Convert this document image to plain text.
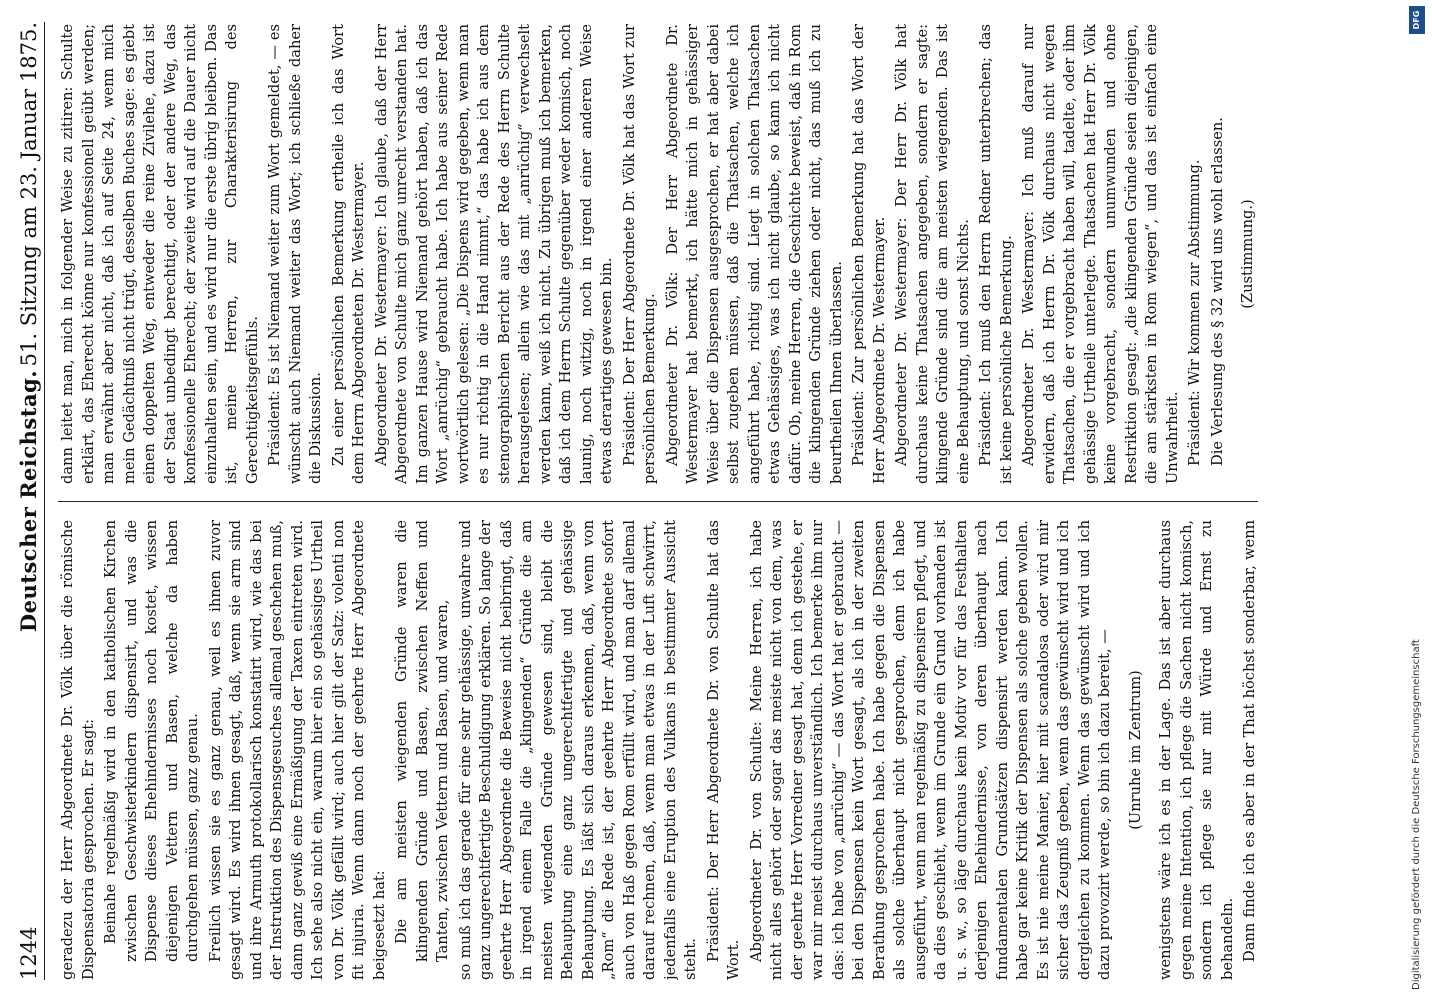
1244
Deutscher Reichstag.
51. Sitzung am 23. Januar 1875.

geradezu der Herr Abgeordnete Dr. Völk über die römische Dispensatoria gesprochen. Er sagt: Beinahe regelmäßig wird in den katholischen Kirchen zwischen Geschwisterkindern dispensirt, und was die Dispense dieses Ehehindernisses noch kostet, wissen diejenigen Vettern und Basen, welche da haben durchgehen müssen, ganz genau. Freilich wissen sie es ganz genau, weil es ihnen zuvor gesagt wird. Es wird ihnen gesagt, daß, wenn sie arm sind und ihre Armuth protokollarisch konstatirt wird, wie das bei der Instruktion des Dispensgesuches allemal geschehen muß, dann ganz gewiß eine Ermäßigung der Taxen eintreten wird. Ich sehe also nicht ein, warum hier ein so gehässiges Urtheil von Dr. Völk gefällt wird; auch hier gilt der Satz: volenti non fit injuria. Wenn dann noch der geehrte Herr Abgeordnete beigesetzt hat: Die am meisten wiegenden Gründe waren die klingenden Gründe und Basen, zwischen Neffen und Tanten, zwischen Vettern und Basen, und waren, so muß ich das gerade für eine sehr gehässige, unwahre und ganz ungerechtfertigte Beschuldigung erklären. So lange der geehrte Herr Abgeordnete die Beweise nicht beibringt, daß in irgend einem Falle die „klingenden“ Gründe die am meisten wiegenden Gründe gewesen sind, bleibt die Behauptung eine ganz ungerechtfertigte und gehässige Behauptung. Es läßt sich daraus erkennen, daß, wenn von „Rom“ die Rede ist, der geehrte Herr Abgeordnete sofort auch von Haß gegen Rom erfüllt wird, und man darf allemal darauf rechnen, daß, wenn man etwas in der Luft schwirrt, jedenfalls eine Eruption des Vulkans in bestimmter Aussicht steht. Präsident: Der Herr Abgeordnete Dr. von Schulte hat das Wort. Abgeordneter Dr. von Schulte: Meine Herren, ich habe nicht alles gehört oder sogar das meiste nicht von dem, was der geehrte Herr Vorredner gesagt hat, denn ich gestehe, er war mir meist durchaus unverständlich. Ich bemerke ihm nur das: ich habe von „anrüchig“ — das Wort hat er gebraucht — bei den Dispensen kein Wort gesagt, als ich in der zweiten Berathung gesprochen habe. Ich habe gegen die Dispensen als solche überhaupt nicht gesprochen, denn ich habe ausgeführt, wenn man regelmäßig zu dispensiren pflegt, und da dies geschieht, wenn im Grunde ein Grund vorhanden ist u. s. w., so läge durchaus kein Motiv vor für das Festhalten derjenigen Ehehindernisse, von deren überhaupt nach fundamentalen Grundsätzen dispensirt werden kann. Ich habe gar keine Kritik der Dispensen als solche geben wollen. Es ist nie meine Manier, hier mit scandalosa oder wird mir sicher das Zeugniß geben, wenn das gewünscht wird und ich dergleichen zu kommen. Wenn das gewünscht wird und ich dazu provozirt werde, so bin ich dazu bereit, — (Unruhe im Zentrum) wenigstens wäre ich es in der Lage. Das ist aber durchaus gegen meine Intention, ich pflege die Sachen nicht komisch, sondern ich pflege sie nur mit Würde und Ernst zu behandeln. Dann finde ich es aber in der That höchst sonderbar, wenn

dann leitet man, mich in folgender Weise zu zitiren: Schulte erklärt, das Eherecht könne nur konfessionell geübt werden; man erwähnt aber nicht, daß ich auf Seite 24, wenn mich mein Gedächtniß nicht trügt, desselben Buches sage: es giebt einen doppelten Weg, entweder die reine Zivilehe, dazu ist der Staat unbedingt berechtigt, oder der andere Weg, das konfessionelle Eherecht; der zweite wird auf die Dauer nicht einzuhalten sein, und es wird nur die erste übrig bleiben. Das ist, meine Herren, zur Charakterisirung des Gerechtigkeitsgefühls. Präsident: Es ist Niemand weiter zum Wort gemeldet, — es wünscht auch Niemand weiter das Wort; ich schließe daher die Diskussion. Zu einer persönlichen Bemerkung ertheile ich das Wort dem Herrn Abgeordneten Dr. Westermayer. Abgeordneter Dr. Westermayer: Ich glaube, daß der Herr Abgeordnete von Schulte mich ganz unrecht verstanden hat. Im ganzen Hause wird Niemand gehört haben, daß ich das Wort „anrüchig“ gebraucht habe. Ich habe aus seiner Rede wortwörtlich gelesen: „Die Dispens wird gegeben, wenn man es nur richtig in die Hand nimmt,“ das habe ich aus dem stenographischen Bericht aus der Rede des Herrn Schulte herausgelesen; allein wie das mit „anrüchig“ verwechselt werden kann, weiß ich nicht. Zu übrigen muß ich bemerken, daß ich dem Herrn Schulte gegenüber weder komisch, noch launig, noch witzig, noch in irgend einer anderen Weise etwas derartiges gewesen bin. Präsident: Der Herr Abgeordnete Dr. Völk hat das Wort zur persönlichen Bemerkung. Abgeordneter Dr. Völk: Der Herr Abgeordnete Dr. Westermayer hat bemerkt, ich hätte mich in gehässiger Weise über die Dispensen ausgesprochen, er hat aber dabei selbst zugeben müssen, daß die Thatsachen, welche ich angeführt habe, richtig sind. Liegt in solchen Thatsachen etwas Gehässiges, was ich nicht glaube, so kann ich nicht dafür. Ob, meine Herren, die Geschichte beweist, daß in Rom die klingenden Gründe ziehen oder nicht, das muß ich zu beurtheilen Ihnen überlassen. Präsident: Zur persönlichen Bemerkung hat das Wort der Herr Abgeordnete Dr. Westermayer. Abgeordneter Dr. Westermayer: Der Herr Dr. Völk hat durchaus keine Thatsachen angegeben, sondern er sagte: klingende Gründe sind die am meisten wiegenden. Das ist eine Behauptung, und sonst Nichts. Präsident: Ich muß den Herrn Redner unterbrechen; das ist keine persönliche Bemerkung. Abgeordneter Dr. Westermayer: Ich muß darauf nur erwidern, daß ich Herrn Dr. Völk durchaus nicht wegen Thatsachen, die er vorgebracht haben will, tadelte, oder ihm gehässige Urtheile unterlegte. Thatsachen hat Herr Dr. Völk keine vorgebracht, sondern unumwunden und ohne Restriktion gesagt: „die klingenden Gründe seien diejenigen, die am stärksten in Rom wiegen“, und das ist einfach eine Unwahrheit. Präsident: Wir kommen zur Abstimmung. Die Verlesung des § 32 wird uns wohl erlassen. (Zustimmung.)

DFG
Digitalisierung gefördert durch die Deutsche Forschungsgemeinschaft
